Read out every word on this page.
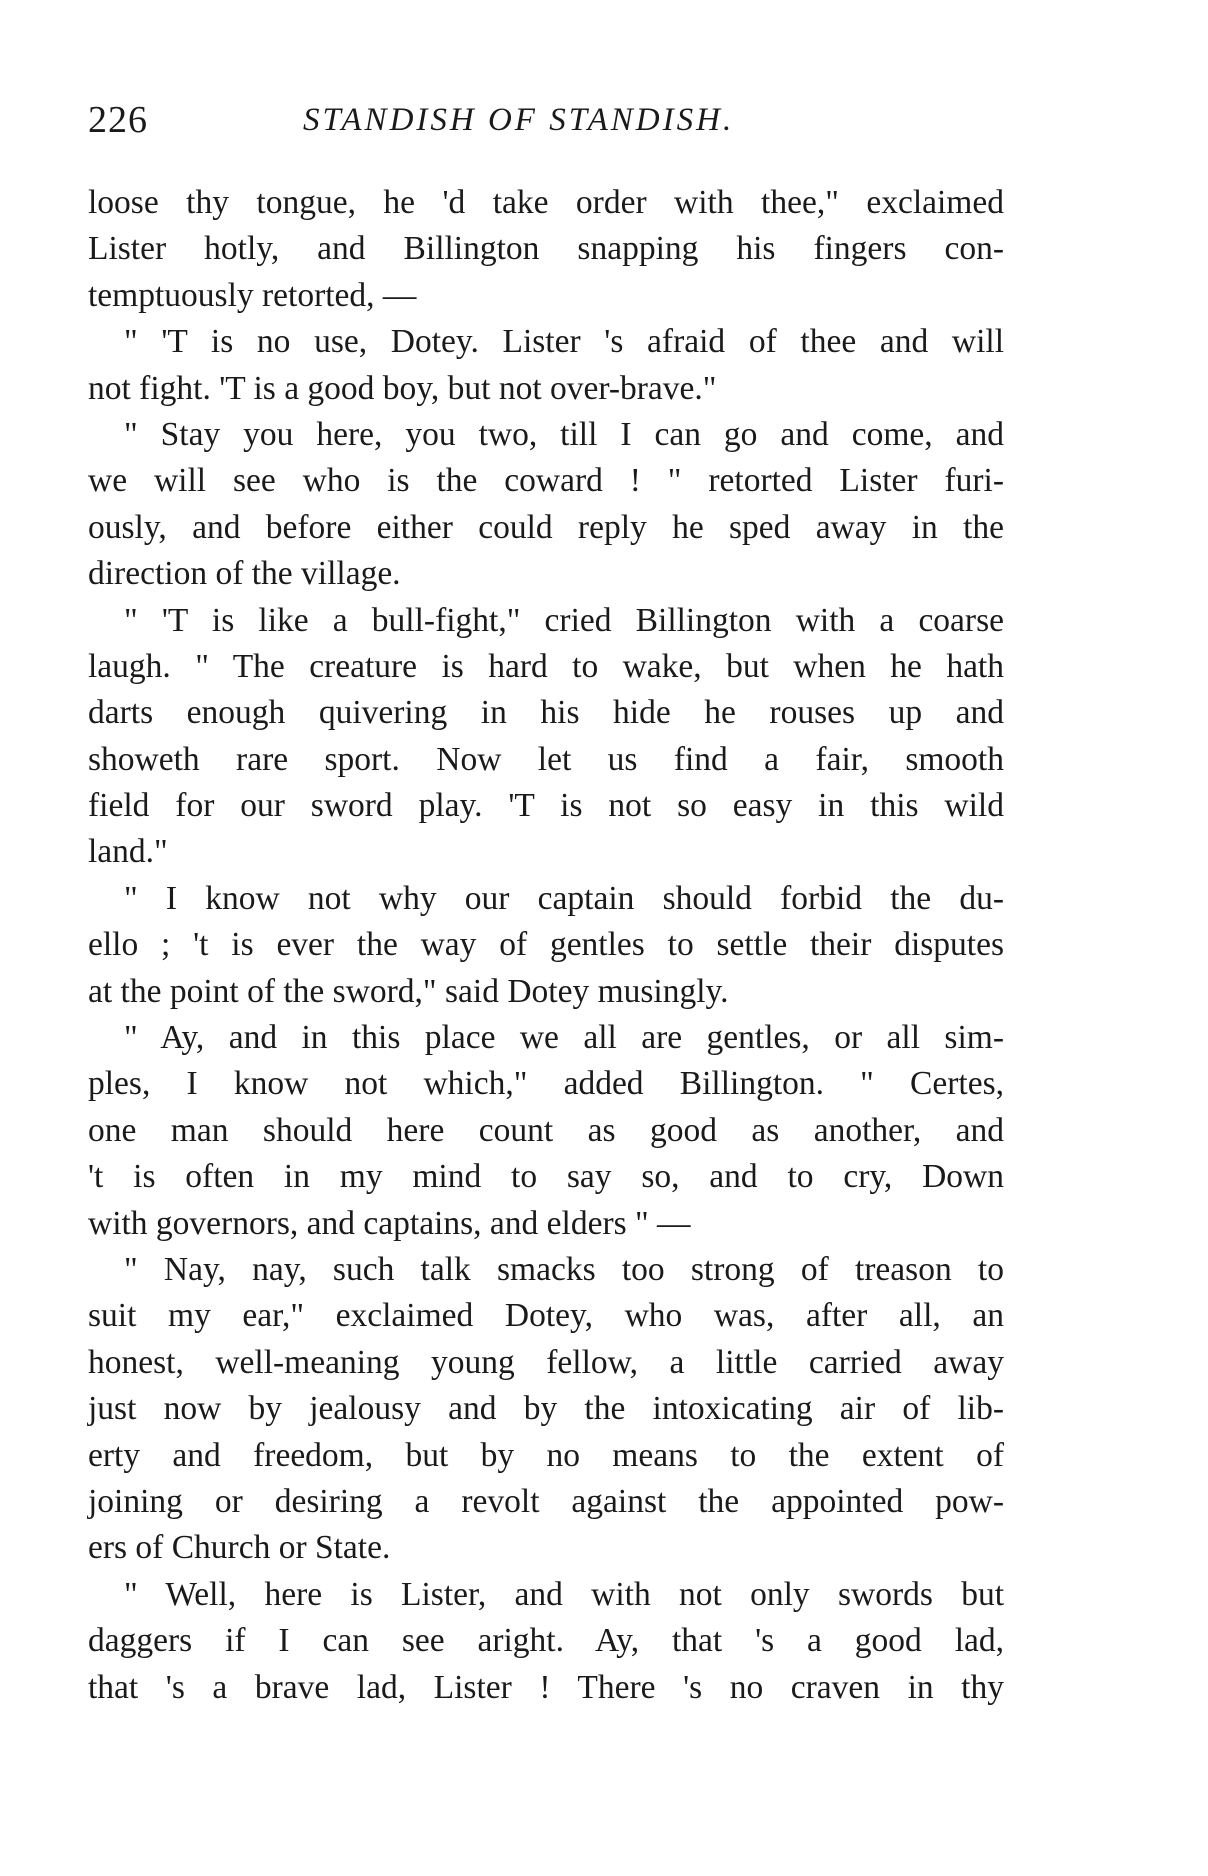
226	STANDISH OF STANDISH.
loose thy tongue, he 'd take order with thee," exclaimed
Lister hotly, and Billington snapping his fingers con-
temptuously retorted, —
" 'T is no use, Dotey. Lister 's afraid of thee and will
not fight. 'T is a good boy, but not over-brave."
" Stay you here, you two, till I can go and come, and
we will see who is the coward ! " retorted Lister furi-
ously, and before either could reply he sped away in the
direction of the village.
" 'T is like a bull-fight," cried Billington with a coarse
laugh. " The creature is hard to wake, but when he hath
darts enough quivering in his hide he rouses up and
showeth rare sport. Now let us find a fair, smooth
field for our sword play. 'T is not so easy in this wild
land."
" I know not why our captain should forbid the du-
ello ; 't is ever the way of gentles to settle their disputes
at the point of the sword," said Dotey musingly.
" Ay, and in this place we all are gentles, or all sim-
ples, I know not which," added Billington. " Certes,
one man should here count as good as another, and
't is often in my mind to say so, and to cry, Down
with governors, and captains, and elders " —
" Nay, nay, such talk smacks too strong of treason to
suit my ear," exclaimed Dotey, who was, after all, an
honest, well-meaning young fellow, a little carried away
just now by jealousy and by the intoxicating air of lib-
erty and freedom, but by no means to the extent of
joining or desiring a revolt against the appointed pow-
ers of Church or State.
" Well, here is Lister, and with not only swords but
daggers if I can see aright. Ay, that 's a good lad,
that 's a brave lad, Lister ! There 's no craven in thy
